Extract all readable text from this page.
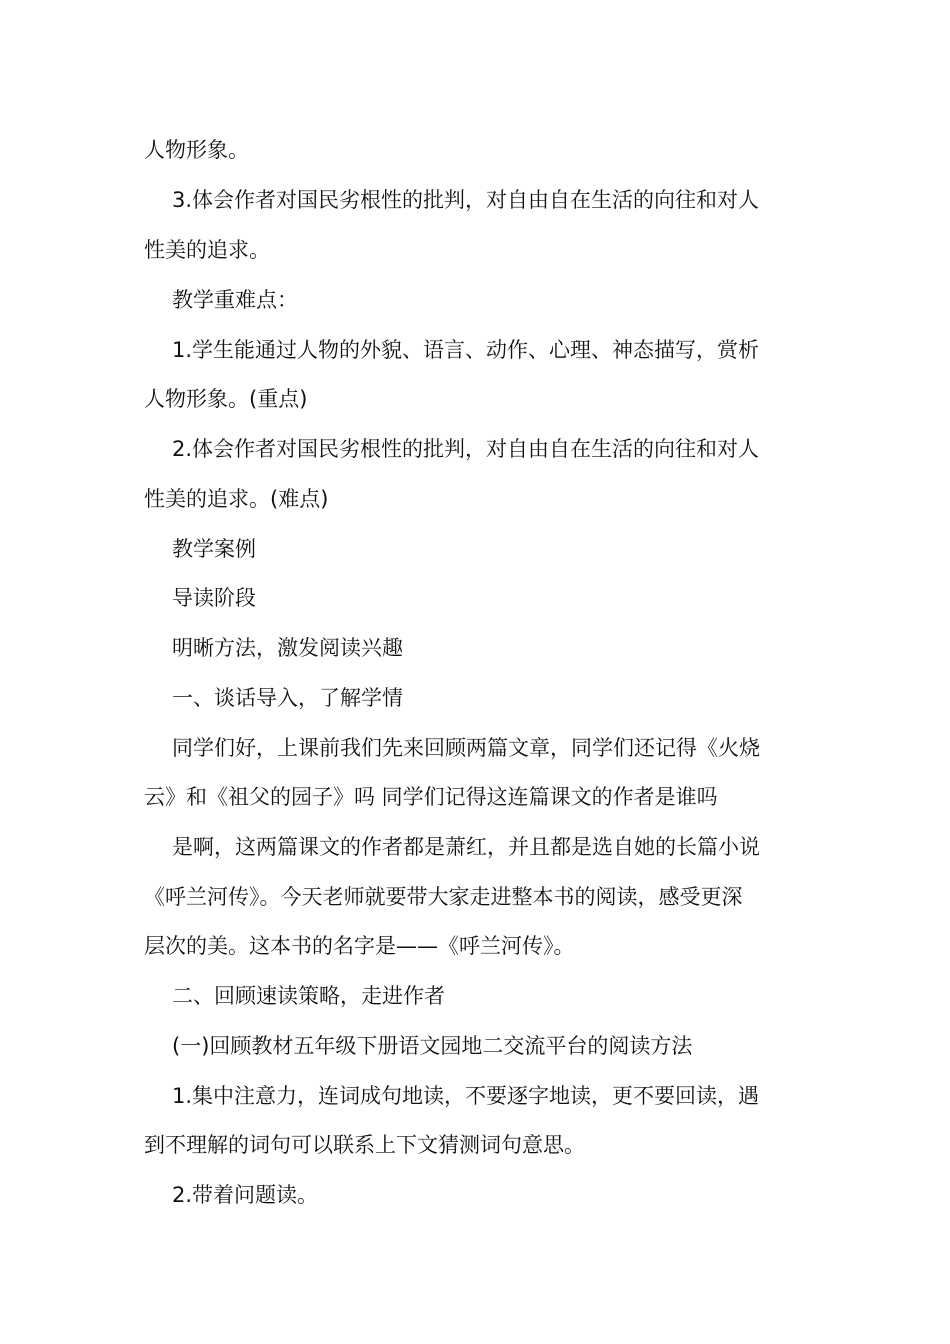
人物形象。
3.体会作者对国民劣根性的批判，对自由自在生活的向往和对人
性美的追求。
教学重难点：
1.学生能通过人物的外貌、语言、动作、心理、神态描写，赏析
人物形象。(重点)
2.体会作者对国民劣根性的批判，对自由自在生活的向往和对人
性美的追求。(难点)
教学案例
导读阶段
明晰方法，激发阅读兴趣
一、谈话导入，了解学情
同学们好，上课前我们先来回顾两篇文章，同学们还记得《火烧
云》和《祖父的园子》吗 同学们记得这连篇课文的作者是谁吗
是啊，这两篇课文的作者都是萧红，并且都是选自她的长篇小说
《呼兰河传》。今天老师就要带大家走进整本书的阅读，感受更深
层次的美。这本书的名字是——《呼兰河传》。
二、回顾速读策略，走进作者
(一)回顾教材五年级下册语文园地二交流平台的阅读方法
1.集中注意力，连词成句地读，不要逐字地读，更不要回读，遇
到不理解的词句可以联系上下文猜测词句意思。
2.带着问题读。
